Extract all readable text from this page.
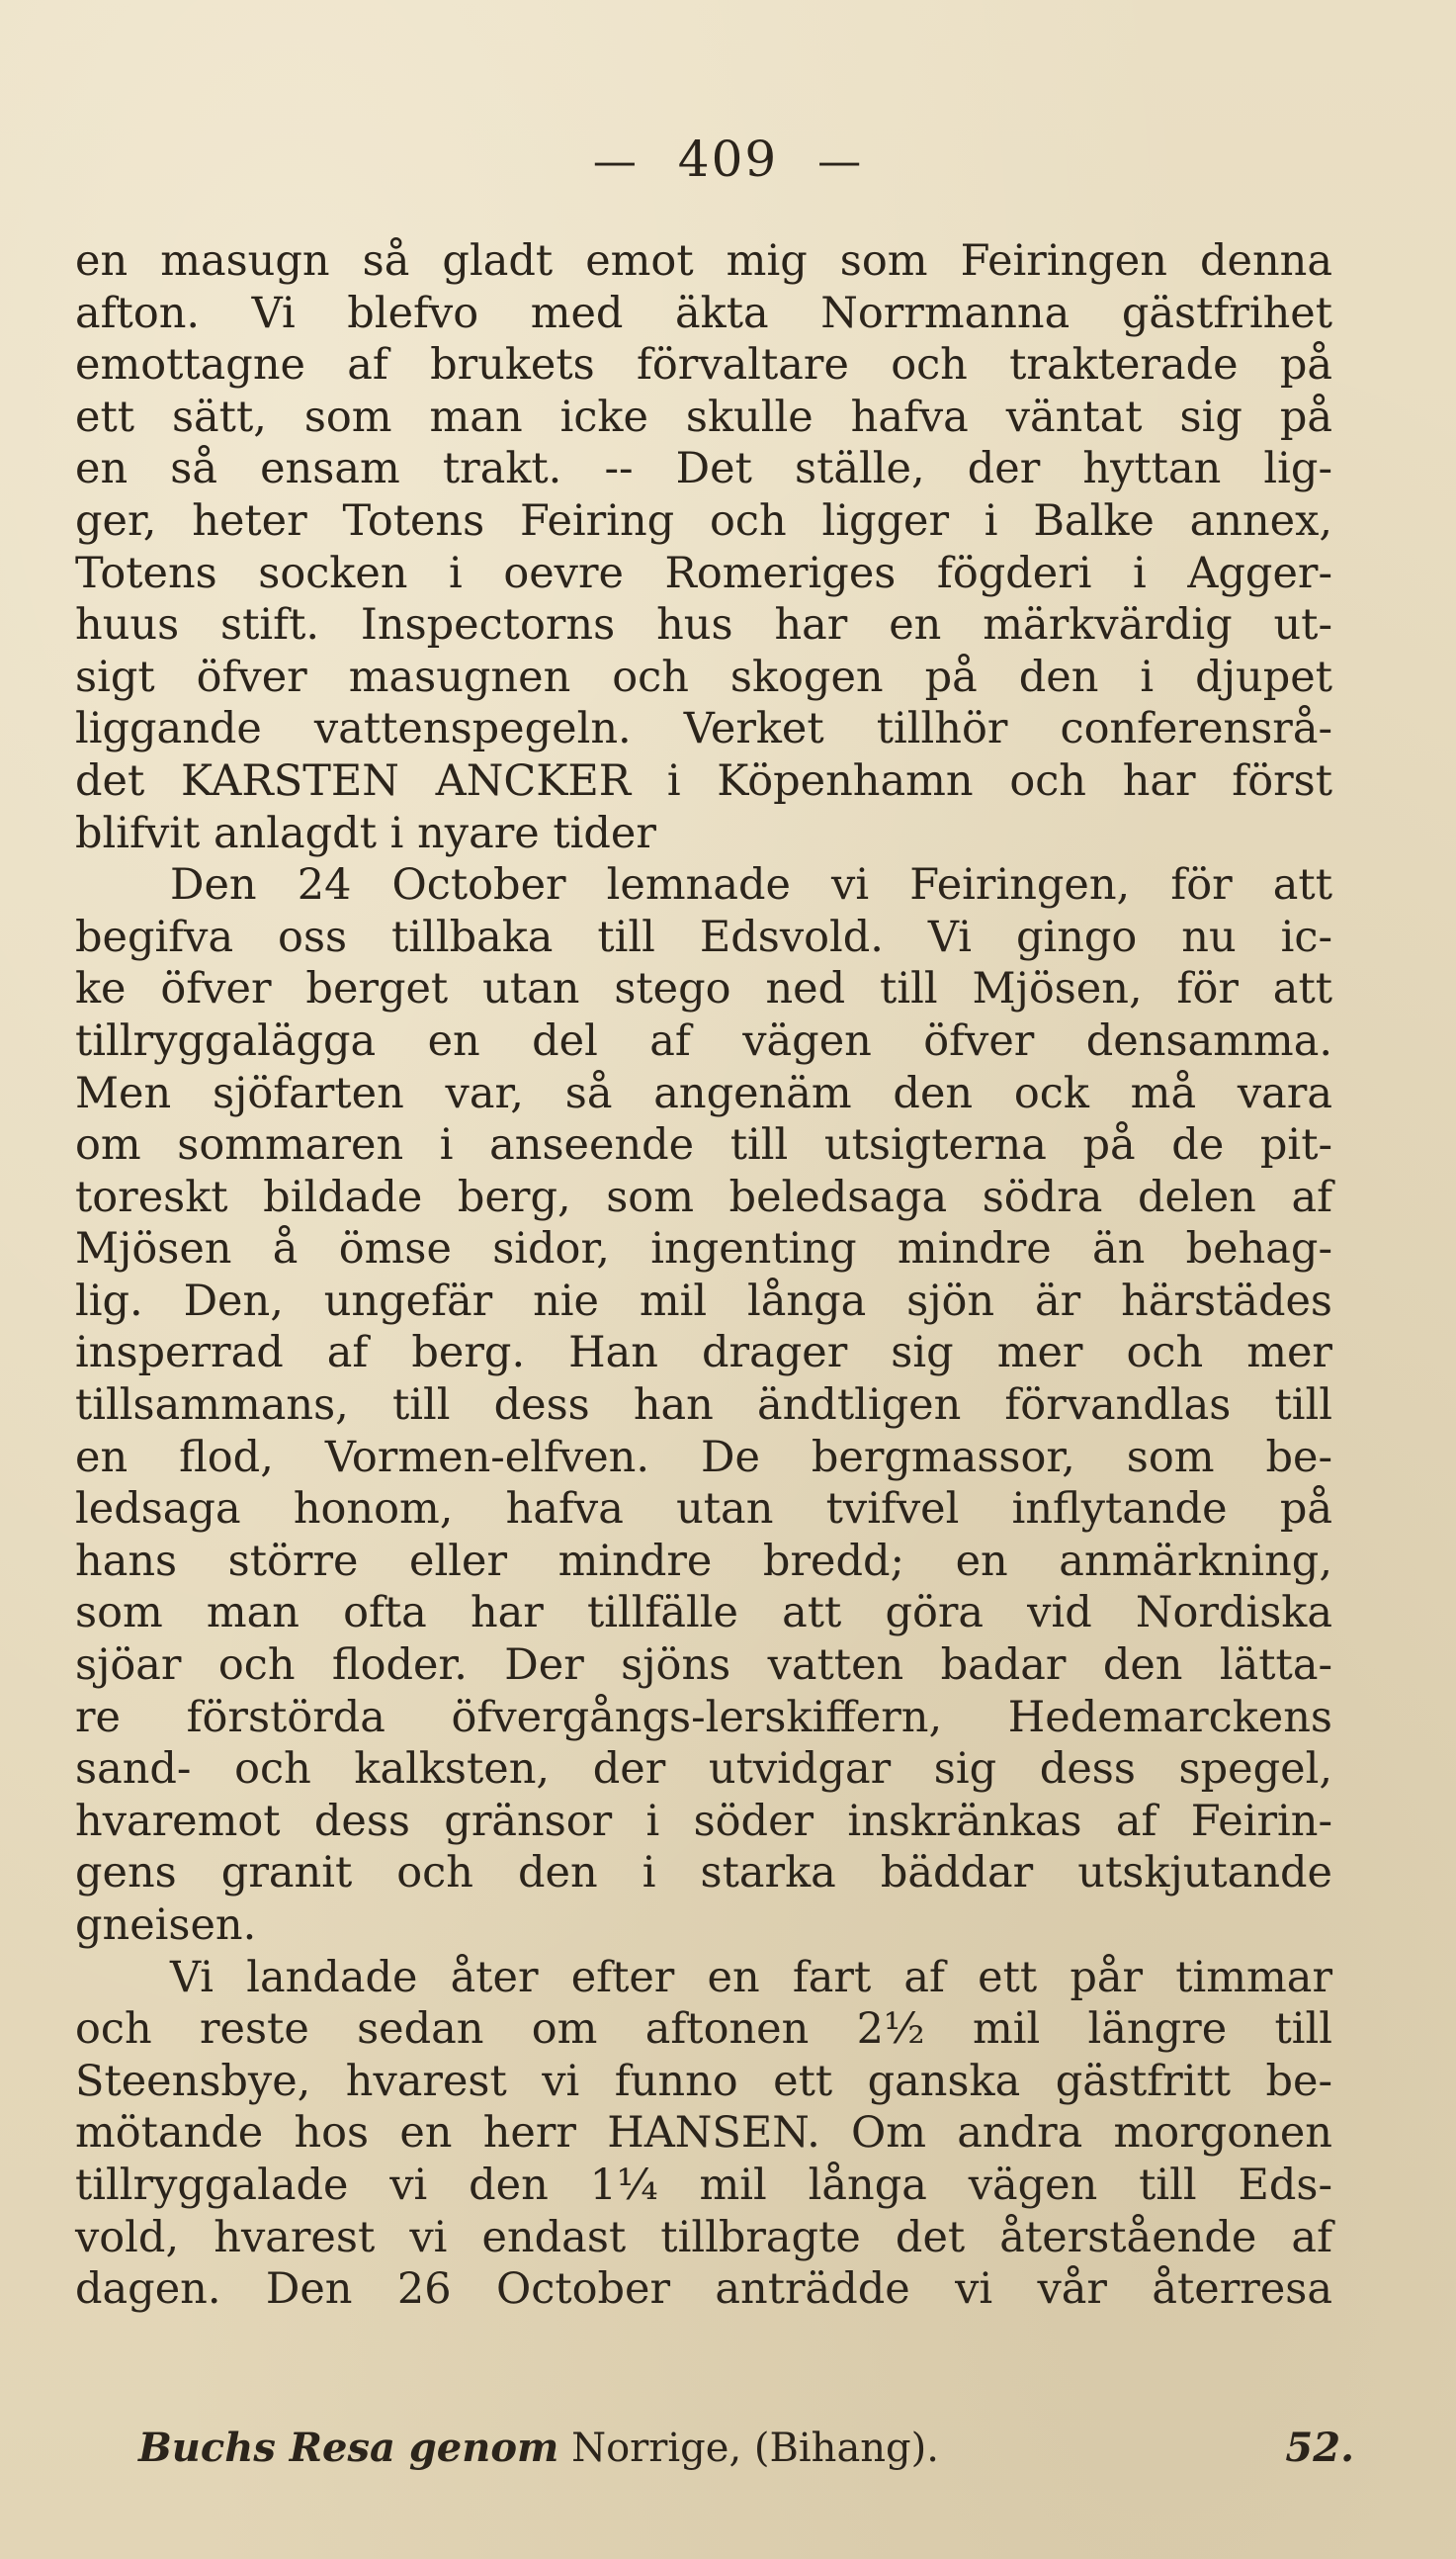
— 409 —
en masugn så gladt emot mig som Feiringen denna
afton. Vi blefvo med äkta Norrmanna gästfrihet
emottagne af brukets förvaltare och trakterade på
ett sätt, som man icke skulle hafva väntat sig på
en så ensam trakt. -- Det ställe, der hyttan lig-
ger, heter Totens Feiring och ligger i Balke annex,
Totens socken i oevre Romeriges fögderi i Agger-
huus stift. Inspectorns hus har en märkvärdig ut-
sigt öfver masugnen och skogen på den i djupet
liggande vattenspegeln. Verket tillhör conferensrå-
det KARSTEN ANCKER i Köpenhamn och har först
blifvit anlagdt i nyare tider
Den 24 October lemnade vi Feiringen, för att
begifva oss tillbaka till Edsvold. Vi gingo nu ic-
ke öfver berget utan stego ned till Mjösen, för att
tillryggalägga en del af vägen öfver densamma.
Men sjöfarten var, så angenäm den ock må vara
om sommaren i anseende till utsigterna på de pit-
toreskt bildade berg, som beledsaga södra delen af
Mjösen å ömse sidor, ingenting mindre än behag-
lig. Den, ungefär nie mil långa sjön är härstädes
insperrad af berg. Han drager sig mer och mer
tillsammans, till dess han ändtligen förvandlas till
en flod, Vormen-elfven. De bergmassor, som be-
ledsaga honom, hafva utan tvifvel inflytande på
hans större eller mindre bredd; en anmärkning,
som man ofta har tillfälle att göra vid Nordiska
sjöar och floder. Der sjöns vatten badar den lätta-
re förstörda öfvergångs-lerskiffern, Hedemarckens
sand- och kalksten, der utvidgar sig dess spegel,
hvaremot dess gränsor i söder inskränkas af Feirin-
gens granit och den i starka bäddar utskjutande
gneisen.
Vi landade åter efter en fart af ett pår timmar
och reste sedan om aftonen 2½ mil längre till
Steensbye, hvarest vi funno ett ganska gästfritt be-
mötande hos en herr HANSEN. Om andra morgonen
tillryggalade vi den 1¼ mil långa vägen till Eds-
vold, hvarest vi endast tillbragte det återstående af
dagen. Den 26 October anträdde vi vår återresa
Buchs Resa genom Norrige, (Bihang).	52.
